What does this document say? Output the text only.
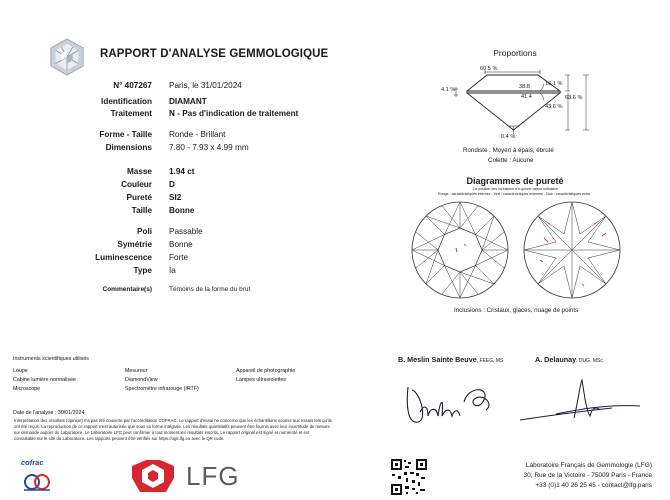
RAPPORT D'ANALYSE GEMMOLOGIQUE
N° 407267 Paris, le 31/01/2024
Identification DIAMANT
Traitement N - Pas d'indication de traitement
Forme - Taille Ronde - Brillant
Dimensions 7.80 - 7.93 x 4.99 mm
Masse 1.94 ct
Couleur D
Pureté SI2
Taille Bonne
Poli Passable
Symétrie Bonne
Luminescence Forte
Type Ia
Commentaire(s)	Témoins de la forme du brut
Proportions
60.5 %
38.8	16.1 %
41.4
43.6 %
63.6 %
4.1 %
0.4 %
Rondiste : Moyen à épais, ébruté
Colette : Aucune
Diagrammes de pureté
La position des inclusions n'a qu'une valeur indicative
Rouge : caractéristiques internes - Vert : caractéristiques externes - Noir : caractéristiques extra
Inclusions : Cristaux, glaces, nuage de points
Instruments scientifiques utilisés
Loupe
Cabine lumière normalisée
Microscope
Mesureur
DiamondView
Spectromètre infrarouge (IRTF)
Appareil de photographie
Lampes ultraviolettes
Date de l'analyse : 30/01/2024
Interprétation des résultats (opinion) n'a pas été couverte par l'accréditation COFRAC. Le rapport d'essai ne concerne que les échantillons soumis aux essais tels qu'ils ont été reçus. La reproduction de ce rapport n'est autorisée que sous sa forme intégrale. Les résultats quantitatifs peuvent être fournis avec leur incertitude de mesure sur demande auprès du Laboratoire. Le Laboratoire LFG peut confirmer à tout moment les résultats inscrits. Le rapport original est signé et numéroté et est consultable sur le site du Laboratoire. Les rapports peuvent être vérifiés sur https://ogit.lfg.eu avec le QR code.
B. Meslin Sainte Beuve, FEEG, MS	A. Delaunay, DUG, MSc
cofrac	LFG	Laboratoire Français de Gemmologie (LFG)
30, Rue de la Victoire - 75009 Paris - France
+33 (0)1 40 26 25 45 - contact@lfg.paris
